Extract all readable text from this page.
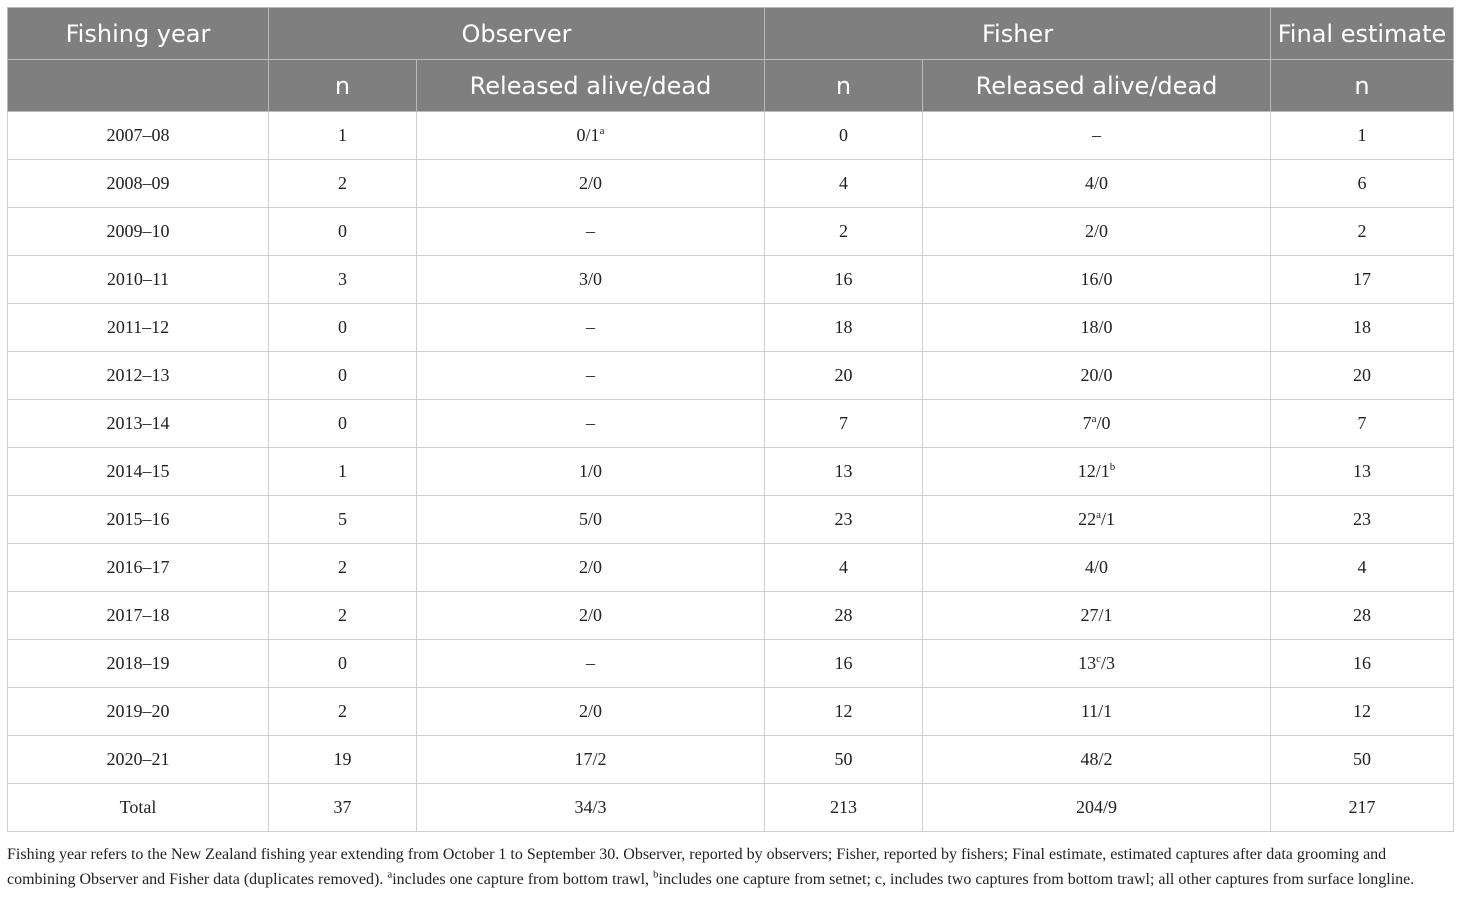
Fishing year	Observer		Fisher		Final estimate
	n	Released alive/dead	n	Released alive/dead	n
2007–08	1	0/1$^a$	0	–	1
2008–09	2	2/0	4	4/0	6
2009–10	0	–	2	2/0	2
2010–11	3	3/0	16	16/0	17
2011–12	0	–	18	18/0	18
2012–13	0	–	20	20/0	20
2013–14	0	–	7	7$^a$/0	7
2014–15	1	1/0	13	12/1$^b$	13
2015–16	5	5/0	23	22$^a$/1	23
2016–17	2	2/0	4	4/0	4
2017–18	2	2/0	28	27/1	28
2018–19	0	–	16	13$^c$/3	16
2019–20	2	2/0	12	11/1	12
2020–21	19	17/2	50	48/2	50
Total	37	34/3	213	204/9	217
Fishing year refers to the New Zealand fishing year extending from October 1 to September 30. Observer, reported by observers; Fisher, reported by fishers; Final estimate, estimated captures after data grooming and combining Observer and Fisher data (duplicates removed). $^a$includes one capture from bottom trawl, $^b$includes one capture from setnet; c, includes two captures from bottom trawl; all other captures from surface longline.
